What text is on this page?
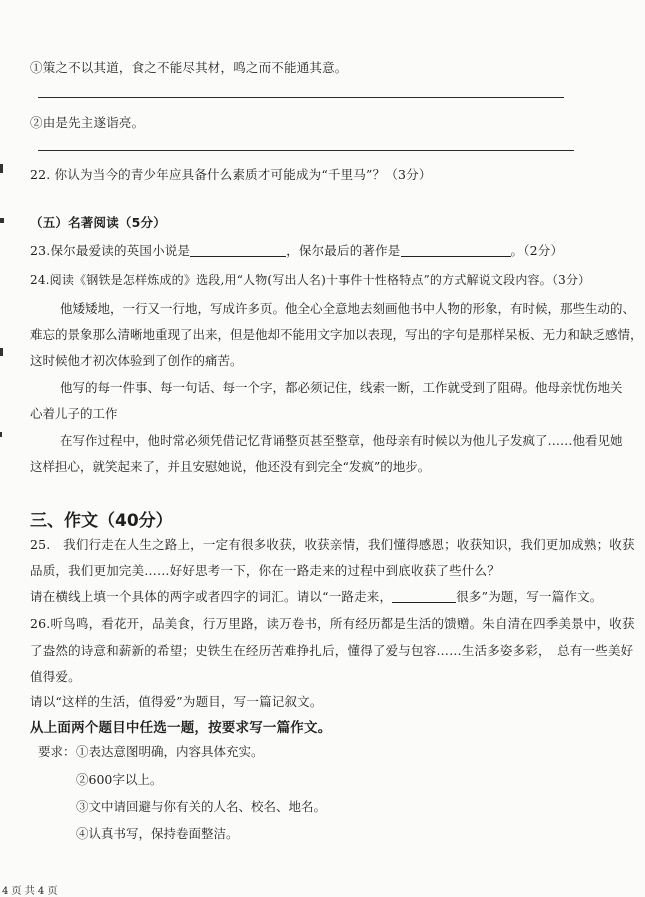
①策之不以其道，食之不能尽其材，鸣之而不能通其意。
②由是先主遂诣亮。
22. 你认为当今的青少年应具备什么素质才可能成为“千里马”？（3分）
（五）名著阅读（5分）
23.保尔最爱读的英国小说是	，保尔最后的著作是	。（2分）
24.阅读《钢铁是怎样炼成的》选段,用“人物(写出人名)十事件十性格特点”的方式解说文段内容。（3分）
他矮矮地，一行又一行地，写成许多页。他全心全意地去刻画他书中人物的形象，有时候，那些生动的、
难忘的景象那么清晰地重现了出来，但是他却不能用文字加以表现，写出的字句是那样呆板、无力和缺乏感情，
这时候他才初次体验到了创作的痛苦。
他写的每一件事、每一句话、每一个字，都必须记住，线索一断，工作就受到了阻碍。他母亲忧伤地关
心着儿子的工作
在写作过程中，他时常必须凭借记忆背诵整页甚至整章，他母亲有时候以为他儿子发疯了……他看见她
这样担心，就笑起来了，并且安慰她说，他还没有到完全“发疯”的地步。
三、作文（40分）
25.　我们行走在人生之路上，一定有很多收获，收获亲情，我们懂得感恩；收获知识，我们更加成熟；收获
品质，我们更加完美……好好思考一下，你在一路走来的过程中到底收获了些什么？
请在横线上填一个具体的两字或者四字的词汇。请以“一路走来，	很多”为题，写一篇作文。
26.听鸟鸣，看花开，品美食，行万里路，读万卷书，所有经历都是生活的馈赠。朱自清在四季美景中，收获
了盎然的诗意和薪新的希望；史铁生在经历苦难挣扎后，懂得了爱与包容……生活多姿多彩，　总有一些美好
值得爱。
请以“这样的生活，值得爱”为题目，写一篇记叙文。
从上面两个题目中任选一题，按要求写一篇作文。
要求： ①表达意图明确，内容具体充实。
②600字以上。
③文中请回避与你有关的人名、校名、地名。
④认真书写，保持卷面整洁。
4 页 共 4 页
